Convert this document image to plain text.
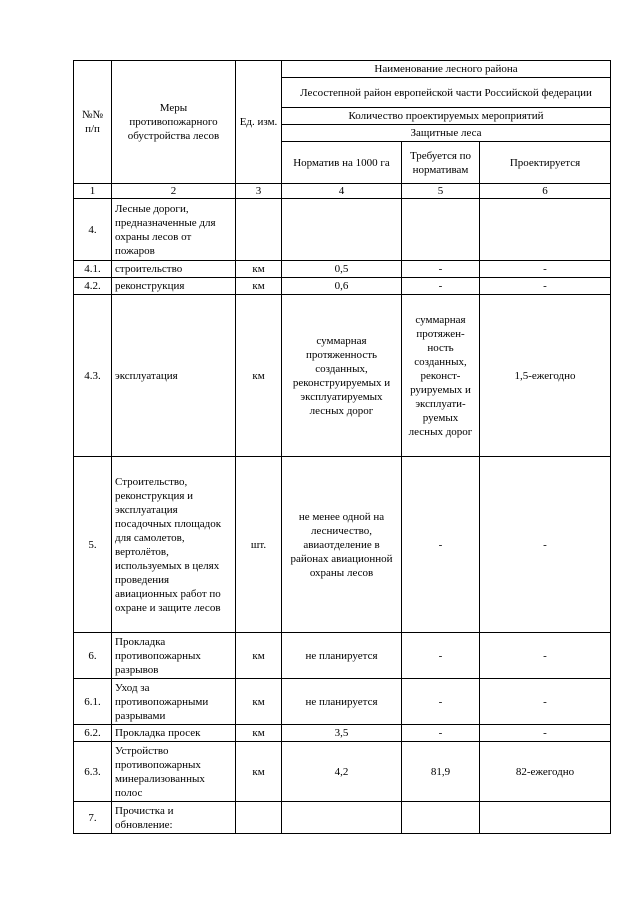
№№ п/п	Меры противопожарного обустройства лесов	Ед. изм.	Наименование лесного района		
			Лесостепной район европейской части Российской федерации		
			Количество проектируемых мероприятий		
			Защитные леса		
			Норматив на 1000 га	Требуется по нормативам	Проектируется

1	2	3	4	5	6
4.	Лесные дороги, предназначенные для охраны лесов от пожаров				
4.1.	строительство	км	0,5	-	-
4.2.	реконструкция	км	0,6	-	-
4.3.	эксплуатация	км	суммарная протяженность созданных, реконструируемых и эксплуатируемых лесных дорог	суммарная протяжен-ность созданных, реконст-руируемых и эксплуати-руемых лесных дорог	1,5-ежегодно
5.	Строительство, реконструкция и эксплуатация посадочных площадок для самолетов, вертолётов, используемых в целях проведения авиационных работ по охране и защите лесов	шт.	не менее одной на лесничество, авиаотделение в районах авиационной охраны лесов	-	-
6.	Прокладка противопожарных разрывов	км	не планируется	-	-
6.1.	Уход за противопожарными разрывами	км	не планируется	-	-
6.2.	Прокладка просек	км	3,5	-	-
6.3.	Устройство противопожарных минерализованных полос	км	4,2	81,9	82-ежегодно
7.	Прочистка и обновление:				
